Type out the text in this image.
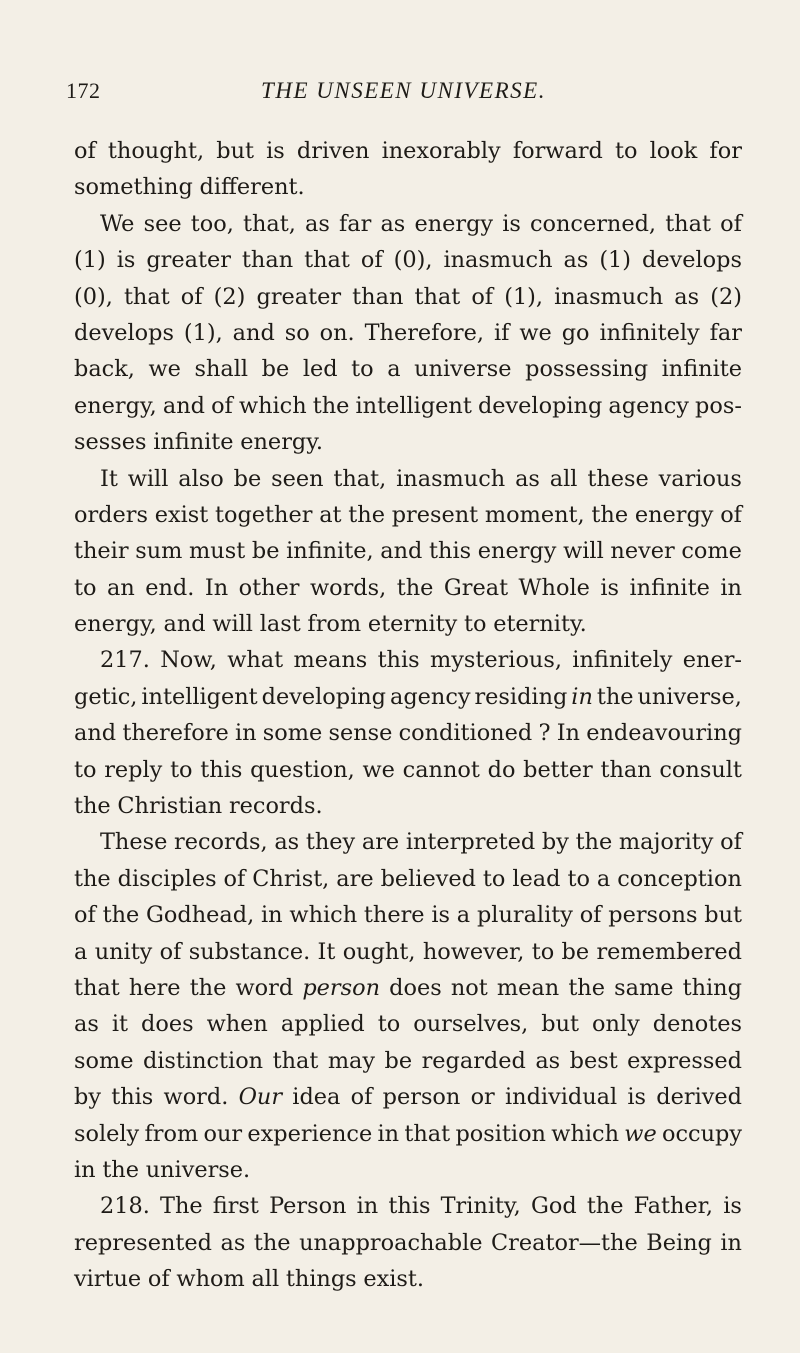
172	THE UNSEEN UNIVERSE.
of thought, but is driven inexorably forward to look for
something different.
We see too, that, as far as energy is concerned, that of
(1) is greater than that of (0), inasmuch as (1) develops
(0), that of (2) greater than that of (1), inasmuch as (2)
develops (1), and so on. Therefore, if we go infinitely far
back, we shall be led to a universe possessing infinite
energy, and of which the intelligent developing agency pos-
sesses infinite energy.
It will also be seen that, inasmuch as all these various
orders exist together at the present moment, the energy of
their sum must be infinite, and this energy will never come
to an end. In other words, the Great Whole is infinite in
energy, and will last from eternity to eternity.
217. Now, what means this mysterious, infinitely ener-
getic, intelligent developing agency residing in the universe,
and therefore in some sense conditioned ? In endeavouring
to reply to this question, we cannot do better than consult
the Christian records.
These records, as they are interpreted by the majority of
the disciples of Christ, are believed to lead to a conception
of the Godhead, in which there is a plurality of persons but
a unity of substance. It ought, however, to be remembered
that here the word person does not mean the same thing
as it does when applied to ourselves, but only denotes
some distinction that may be regarded as best expressed
by this word. Our idea of person or individual is derived
solely from our experience in that position which we occupy
in the universe.
218. The first Person in this Trinity, God the Father, is
represented as the unapproachable Creator—the Being in
virtue of whom all things exist.
